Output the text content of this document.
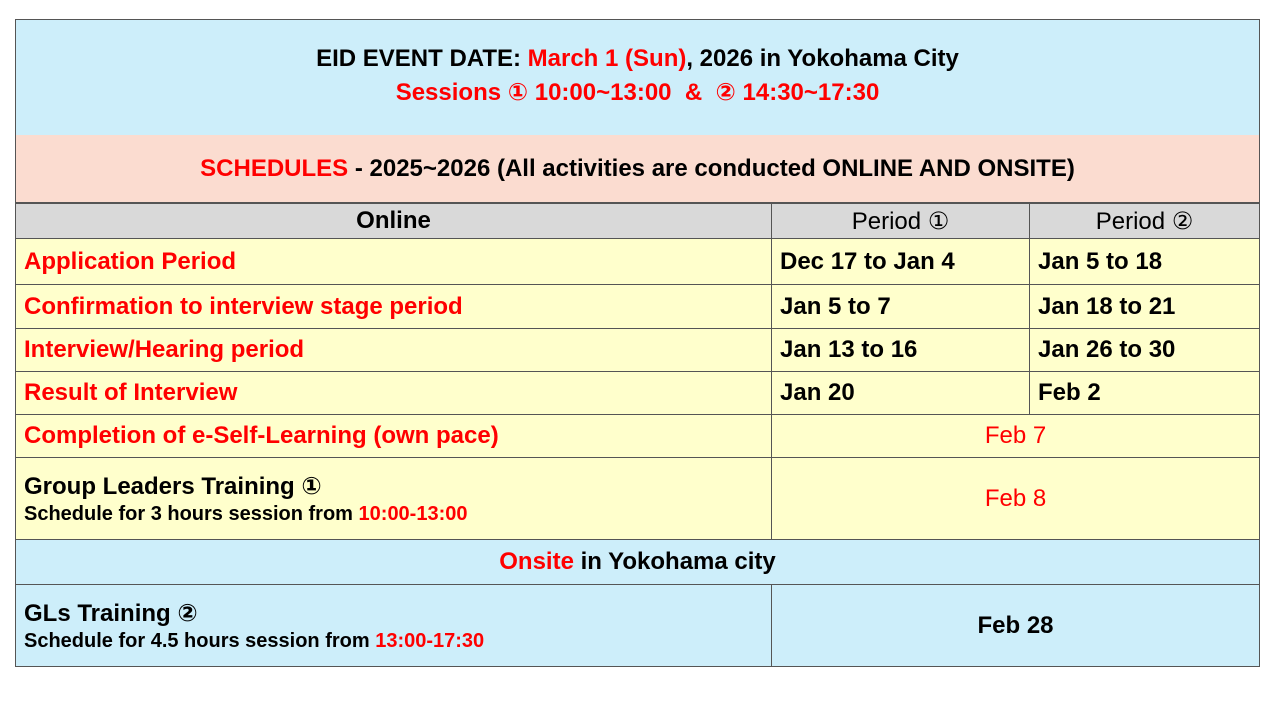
EID EVENT DATE: March 1 (Sun), 2026 in Yokohama City
Sessions ① 10:00~13:00  &  ② 14:30~17:30
SCHEDULES - 2025~2026 (All activities are conducted ONLINE AND ONSITE)
Online	Period ①	Period ②
Application Period	Dec 17 to Jan 4	Jan 5 to 18
Confirmation to interview stage period	Jan 5 to 7	Jan 18 to 21
Interview/Hearing period	Jan 13 to 16	Jan 26 to 30
Result of Interview	Jan 20	Feb 2
Completion of e-Self-Learning (own pace)	Feb 7	

Group Leaders Training ①
Schedule for 3 hours session from 10:00-13:00	Feb 8	
Onsite in Yokohama city		

GLs Training ②
Schedule for 4.5 hours session from 13:00-17:30	Feb 28	
